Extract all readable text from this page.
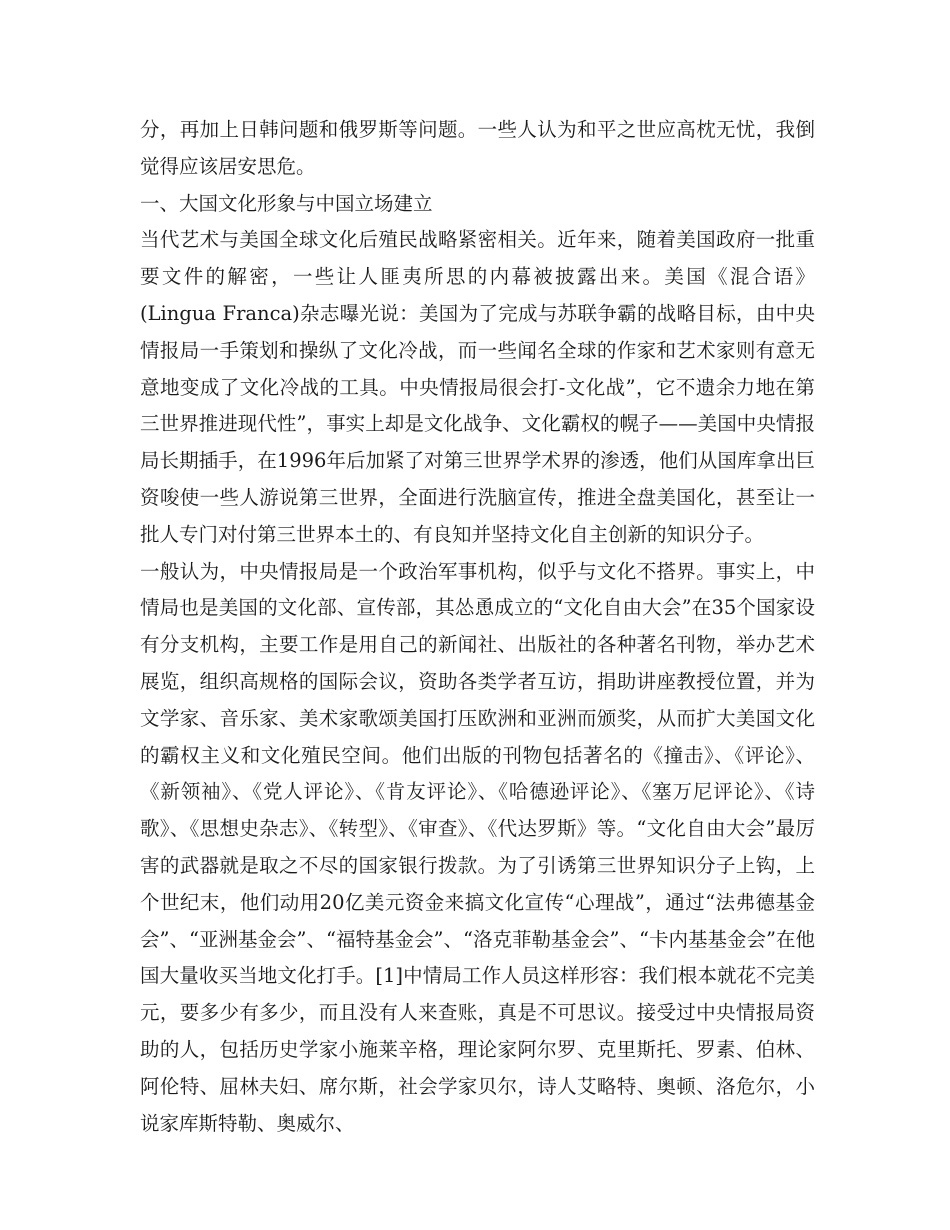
分，再加上日韩问题和俄罗斯等问题。一些人认为和平之世应高枕无忧，我倒觉得应该居安思危。

一、大国文化形象与中国立场建立

当代艺术与美国全球文化后殖民战略紧密相关。近年来，随着美国政府一批重要文件的解密，一些让人匪夷所思的内幕被披露出来。美国《混合语》(Lingua Franca)杂志曝光说：美国为了完成与苏联争霸的战略目标，由中央情报局一手策划和操纵了文化冷战，而一些闻名全球的作家和艺术家则有意无意地变成了文化冷战的工具。中央情报局很会打-文化战”，它不遗余力地在第三世界推进现代性”，事实上却是文化战争、文化霸权的幌子——美国中央情报局长期插手，在1996年后加紧了对第三世界学术界的渗透，他们从国库拿出巨资唆使一些人游说第三世界，全面进行洗脑宣传，推进全盘美国化，甚至让一批人专门对付第三世界本土的、有良知并坚持文化自主创新的知识分子。

一般认为，中央情报局是一个政治军事机构，似乎与文化不搭界。事实上，中情局也是美国的文化部、宣传部，其怂恿成立的“文化自由大会”在35个国家设有分支机构，主要工作是用自己的新闻社、出版社的各种著名刊物，举办艺术展览，组织高规格的国际会议，资助各类学者互访，捐助讲座教授位置，并为文学家、音乐家、美术家歌颂美国打压欧洲和亚洲而颁奖，从而扩大美国文化的霸权主义和文化殖民空间。他们出版的刊物包括著名的《撞击》、《评论》、《新领袖》、《党人评论》、《肯友评论》、《哈德逊评论》、《塞万尼评论》、《诗歌》、《思想史杂志》、《转型》、《审查》、《代达罗斯》等。“文化自由大会”最厉害的武器就是取之不尽的国家银行拨款。为了引诱第三世界知识分子上钩，上个世纪末，他们动用20亿美元资金来搞文化宣传“心理战”，通过“法弗德基金会”、“亚洲基金会”、“福特基金会”、“洛克菲勒基金会”、“卡内基基金会”在他国大量收买当地文化打手。[1]中情局工作人员这样形容：我们根本就花不完美元，要多少有多少，而且没有人来查账，真是不可思议。接受过中央情报局资助的人，包括历史学家小施莱辛格，理论家阿尔罗、克里斯托、罗素、伯林、阿伦特、屈林夫妇、席尔斯，社会学家贝尔，诗人艾略特、奥顿、洛危尔，小说家库斯特勒、奥威尔、
